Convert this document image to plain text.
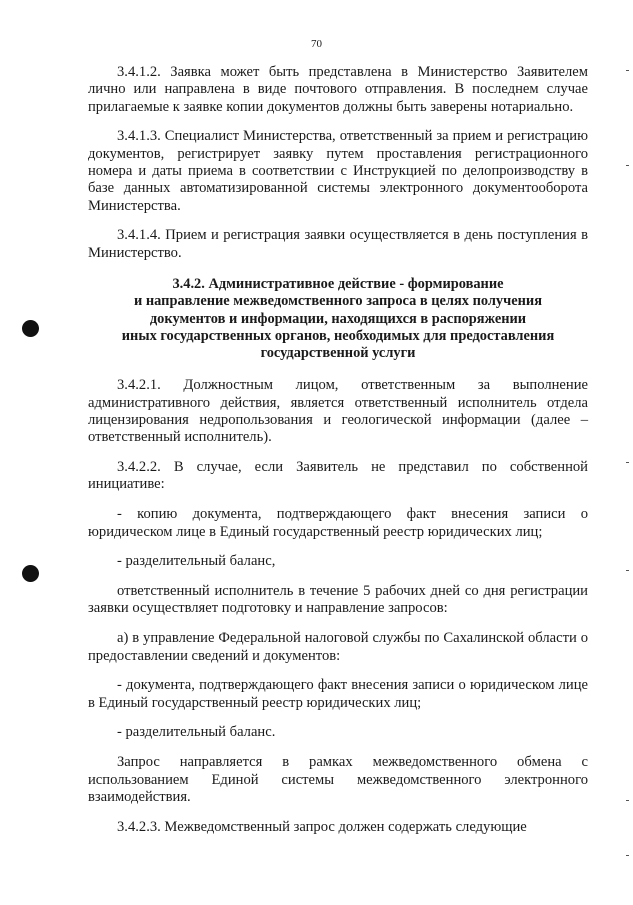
70

3.4.1.2. Заявка может быть представлена в Министерство Заявителем лично или направлена в виде почтового отправления. В последнем случае прилагаемые к заявке копии документов должны быть заверены нотариально.

3.4.1.3. Специалист Министерства, ответственный за прием и регистрацию документов, регистрирует заявку путем проставления регистрационного номера и даты приема в соответствии с Инструкцией по делопроизводству в базе данных автоматизированной системы электронного документооборота Министерства.

3.4.1.4. Прием и регистрация заявки осуществляется в день поступления в Министерство.

3.4.2. Административное действие - формирование
и направление межведомственного запроса в целях получения
документов и информации, находящихся в распоряжении
иных государственных органов, необходимых для предоставления
государственной услуги

3.4.2.1. Должностным лицом, ответственным за выполнение административного действия, является ответственный исполнитель отдела лицензирования недропользования и геологической информации (далее – ответственный исполнитель).

3.4.2.2. В случае, если Заявитель не представил по собственной инициативе:

- копию документа, подтверждающего факт внесения записи о юридическом лице в Единый государственный реестр юридических лиц;

- разделительный баланс,

ответственный исполнитель в течение 5 рабочих дней со дня регистрации заявки осуществляет подготовку и направление запросов:

а) в управление Федеральной налоговой службы по Сахалинской области о предоставлении сведений и документов:

- документа, подтверждающего факт внесения записи о юридическом лице в Единый государственный реестр юридических лиц;

- разделительный баланс.

Запрос направляется в рамках межведомственного обмена с использованием Единой системы межведомственного электронного взаимодействия.

3.4.2.3. Межведомственный запрос должен содержать следующие
